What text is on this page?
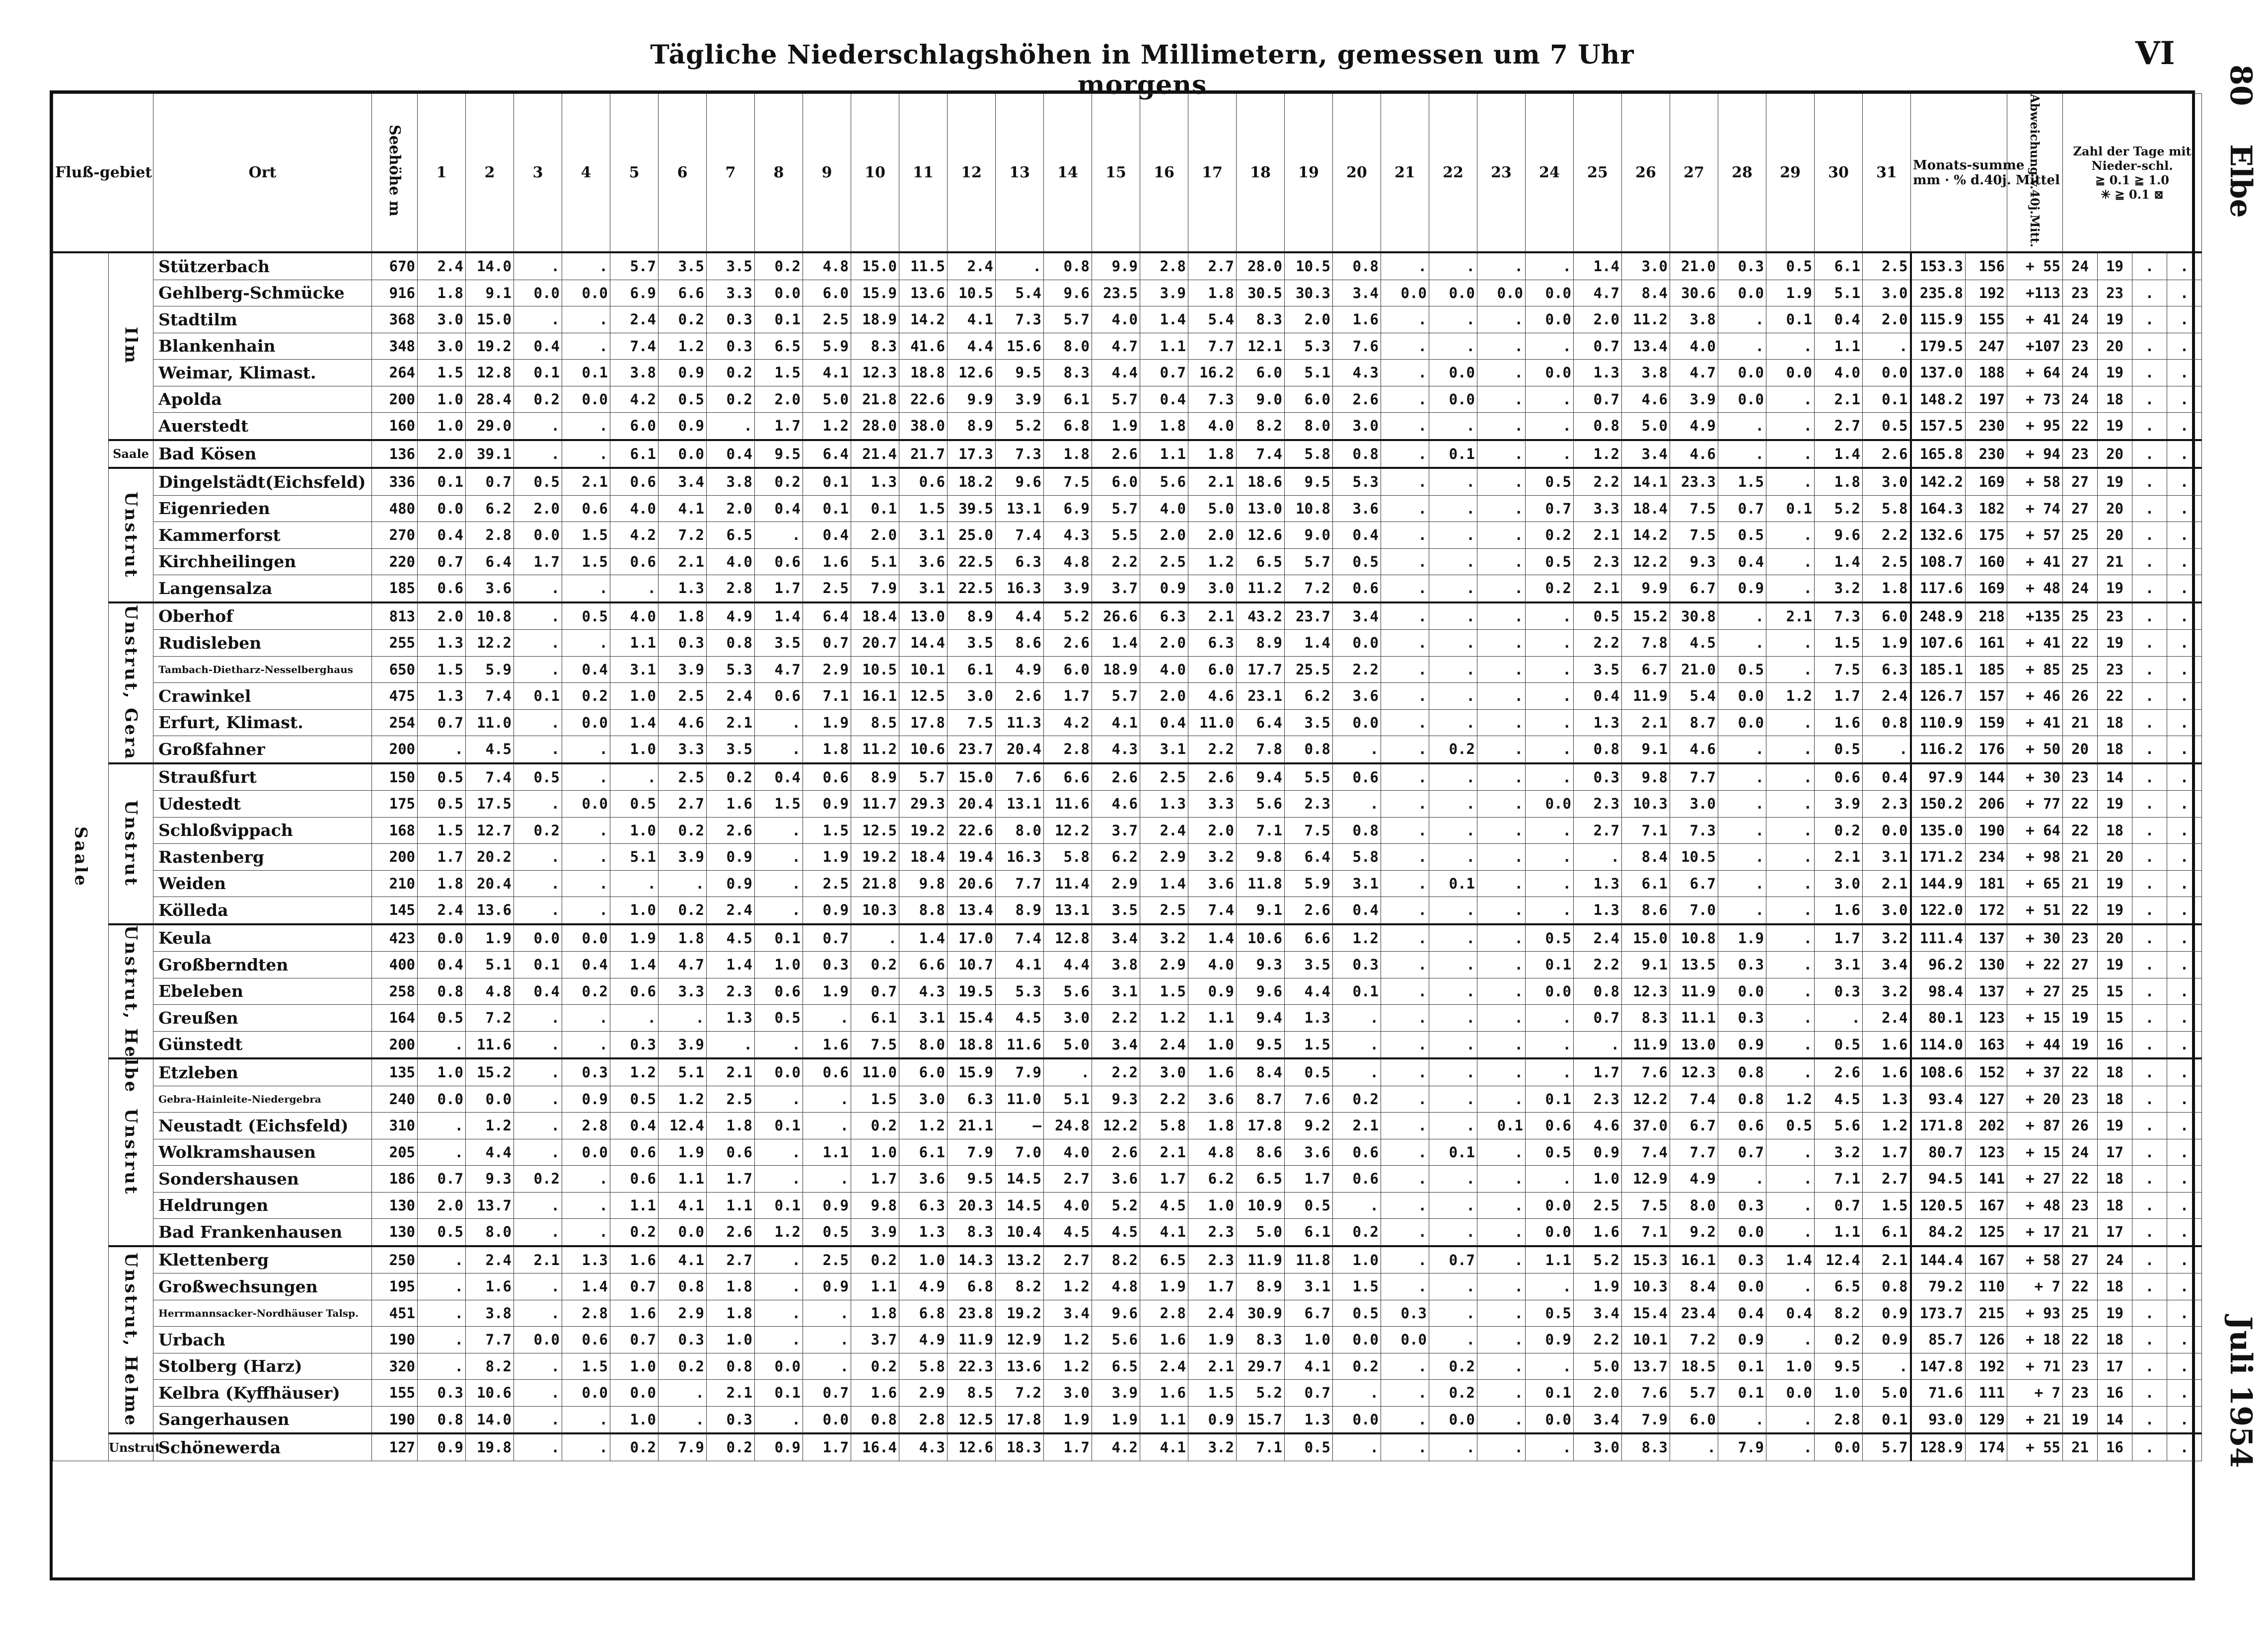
Tägliche Niederschlagshöhen in Millimetern, gemessen um 7 Uhr morgens
VI
80
Elbe
Juli 1954
Fluß-gebiet		Ort	Seehöhe m	1	2	3	4	5	6	7	8	9	10	11	12	13	14	15	16	17	18	19	20	21	22	23	24	25	26	27	28	29	30	31	Monats-summe
mm · % d.40j. Mittel		Abweichung v.40j.Mitt.	Zahl der Tage mit
Nieder-schl.
≧ 0.1 ≧ 1.0
✳ ≧ 0.1 ⊠			
Saale	Ilm	Stützerbach	670	2.4	14.0	.	.	5.7	3.5	3.5	0.2	4.8	15.0	11.5	2.4	.	0.8	9.9	2.8	2.7	28.0	10.5	0.8	.	.	.	.	1.4	3.0	21.0	0.3	0.5	6.1	2.5	153.3	156	+ 55	24	19	.	.
		Gehlberg-Schmücke	916	1.8	9.1	0.0	0.0	6.9	6.6	3.3	0.0	6.0	15.9	13.6	10.5	5.4	9.6	23.5	3.9	1.8	30.5	30.3	3.4	0.0	0.0	0.0	0.0	4.7	8.4	30.6	0.0	1.9	5.1	3.0	235.8	192	+113	23	23	.	.
		Stadtilm	368	3.0	15.0	.	.	2.4	0.2	0.3	0.1	2.5	18.9	14.2	4.1	7.3	5.7	4.0	1.4	5.4	8.3	2.0	1.6	.	.	.	0.0	2.0	11.2	3.8	.	0.1	0.4	2.0	115.9	155	+ 41	24	19	.	.
		Blankenhain	348	3.0	19.2	0.4	.	7.4	1.2	0.3	6.5	5.9	8.3	41.6	4.4	15.6	8.0	4.7	1.1	7.7	12.1	5.3	7.6	.	.	.	.	0.7	13.4	4.0	.	.	1.1	.	179.5	247	+107	23	20	.	.
		Weimar, Klimast.	264	1.5	12.8	0.1	0.1	3.8	0.9	0.2	1.5	4.1	12.3	18.8	12.6	9.5	8.3	4.4	0.7	16.2	6.0	5.1	4.3	.	0.0	.	0.0	1.3	3.8	4.7	0.0	0.0	4.0	0.0	137.0	188	+ 64	24	19	.	.
		Apolda	200	1.0	28.4	0.2	0.0	4.2	0.5	0.2	2.0	5.0	21.8	22.6	9.9	3.9	6.1	5.7	0.4	7.3	9.0	6.0	2.6	.	0.0	.	.	0.7	4.6	3.9	0.0	.	2.1	0.1	148.2	197	+ 73	24	18	.	.
		Auerstedt	160	1.0	29.0	.	.	6.0	0.9	.	1.7	1.2	28.0	38.0	8.9	5.2	6.8	1.9	1.8	4.0	8.2	8.0	3.0	.	.	.	.	0.8	5.0	4.9	.	.	2.7	0.5	157.5	230	+ 95	22	19	.	.
	Saale	Bad Kösen	136	2.0	39.1	.	.	6.1	0.0	0.4	9.5	6.4	21.4	21.7	17.3	7.3	1.8	2.6	1.1	1.8	7.4	5.8	0.8	.	0.1	.	.	1.2	3.4	4.6	.	.	1.4	2.6	165.8	230	+ 94	23	20	.	.
	Unstrut	Dingelstädt(Eichsfeld)	336	0.1	0.7	0.5	2.1	0.6	3.4	3.8	0.2	0.1	1.3	0.6	18.2	9.6	7.5	6.0	5.6	2.1	18.6	9.5	5.3	.	.	.	0.5	2.2	14.1	23.3	1.5	.	1.8	3.0	142.2	169	+ 58	27	19	.	.
		Eigenrieden	480	0.0	6.2	2.0	0.6	4.0	4.1	2.0	0.4	0.1	0.1	1.5	39.5	13.1	6.9	5.7	4.0	5.0	13.0	10.8	3.6	.	.	.	0.7	3.3	18.4	7.5	0.7	0.1	5.2	5.8	164.3	182	+ 74	27	20	.	.
		Kammerforst	270	0.4	2.8	0.0	1.5	4.2	7.2	6.5	.	0.4	2.0	3.1	25.0	7.4	4.3	5.5	2.0	2.0	12.6	9.0	0.4	.	.	.	0.2	2.1	14.2	7.5	0.5	.	9.6	2.2	132.6	175	+ 57	25	20	.	.
		Kirchheilingen	220	0.7	6.4	1.7	1.5	0.6	2.1	4.0	0.6	1.6	5.1	3.6	22.5	6.3	4.8	2.2	2.5	1.2	6.5	5.7	0.5	.	.	.	0.5	2.3	12.2	9.3	0.4	.	1.4	2.5	108.7	160	+ 41	27	21	.	.
		Langensalza	185	0.6	3.6	.	.	.	1.3	2.8	1.7	2.5	7.9	3.1	22.5	16.3	3.9	3.7	0.9	3.0	11.2	7.2	0.6	.	.	.	0.2	2.1	9.9	6.7	0.9	.	3.2	1.8	117.6	169	+ 48	24	19	.	.
	Unstrut, Gera	Oberhof	813	2.0	10.8	.	0.5	4.0	1.8	4.9	1.4	6.4	18.4	13.0	8.9	4.4	5.2	26.6	6.3	2.1	43.2	23.7	3.4	.	.	.	.	0.5	15.2	30.8	.	2.1	7.3	6.0	248.9	218	+135	25	23	.	.
		Rudisleben	255	1.3	12.2	.	.	1.1	0.3	0.8	3.5	0.7	20.7	14.4	3.5	8.6	2.6	1.4	2.0	6.3	8.9	1.4	0.0	.	.	.	.	2.2	7.8	4.5	.	.	1.5	1.9	107.6	161	+ 41	22	19	.	.
		Tambach-Dietharz-Nesselberghaus	650	1.5	5.9	.	0.4	3.1	3.9	5.3	4.7	2.9	10.5	10.1	6.1	4.9	6.0	18.9	4.0	6.0	17.7	25.5	2.2	.	.	.	.	3.5	6.7	21.0	0.5	.	7.5	6.3	185.1	185	+ 85	25	23	.	.
		Crawinkel	475	1.3	7.4	0.1	0.2	1.0	2.5	2.4	0.6	7.1	16.1	12.5	3.0	2.6	1.7	5.7	2.0	4.6	23.1	6.2	3.6	.	.	.	.	0.4	11.9	5.4	0.0	1.2	1.7	2.4	126.7	157	+ 46	26	22	.	.
		Erfurt, Klimast.	254	0.7	11.0	.	0.0	1.4	4.6	2.1	.	1.9	8.5	17.8	7.5	11.3	4.2	4.1	0.4	11.0	6.4	3.5	0.0	.	.	.	.	1.3	2.1	8.7	0.0	.	1.6	0.8	110.9	159	+ 41	21	18	.	.
		Großfahner	200	.	4.5	.	.	1.0	3.3	3.5	.	1.8	11.2	10.6	23.7	20.4	2.8	4.3	3.1	2.2	7.8	0.8	.	.	0.2	.	.	0.8	9.1	4.6	.	.	0.5	.	116.2	176	+ 50	20	18	.	.
	Unstrut	Straußfurt	150	0.5	7.4	0.5	.	.	2.5	0.2	0.4	0.6	8.9	5.7	15.0	7.6	6.6	2.6	2.5	2.6	9.4	5.5	0.6	.	.	.	.	0.3	9.8	7.7	.	.	0.6	0.4	97.9	144	+ 30	23	14	.	.
		Udestedt	175	0.5	17.5	.	0.0	0.5	2.7	1.6	1.5	0.9	11.7	29.3	20.4	13.1	11.6	4.6	1.3	3.3	5.6	2.3	.	.	.	.	0.0	2.3	10.3	3.0	.	.	3.9	2.3	150.2	206	+ 77	22	19	.	.
		Schloßvippach	168	1.5	12.7	0.2	.	1.0	0.2	2.6	.	1.5	12.5	19.2	22.6	8.0	12.2	3.7	2.4	2.0	7.1	7.5	0.8	.	.	.	.	2.7	7.1	7.3	.	.	0.2	0.0	135.0	190	+ 64	22	18	.	.
		Rastenberg	200	1.7	20.2	.	.	5.1	3.9	0.9	.	1.9	19.2	18.4	19.4	16.3	5.8	6.2	2.9	3.2	9.8	6.4	5.8	.	.	.	.	.	8.4	10.5	.	.	2.1	3.1	171.2	234	+ 98	21	20	.	.
		Weiden	210	1.8	20.4	.	.	.	.	0.9	.	2.5	21.8	9.8	20.6	7.7	11.4	2.9	1.4	3.6	11.8	5.9	3.1	.	0.1	.	.	1.3	6.1	6.7	.	.	3.0	2.1	144.9	181	+ 65	21	19	.	.
		Kölleda	145	2.4	13.6	.	.	1.0	0.2	2.4	.	0.9	10.3	8.8	13.4	8.9	13.1	3.5	2.5	7.4	9.1	2.6	0.4	.	.	.	.	1.3	8.6	7.0	.	.	1.6	3.0	122.0	172	+ 51	22	19	.	.
	Unstrut, Helbe	Keula	423	0.0	1.9	0.0	0.0	1.9	1.8	4.5	0.1	0.7	.	1.4	17.0	7.4	12.8	3.4	3.2	1.4	10.6	6.6	1.2	.	.	.	0.5	2.4	15.0	10.8	1.9	.	1.7	3.2	111.4	137	+ 30	23	20	.	.
		Großberndten	400	0.4	5.1	0.1	0.4	1.4	4.7	1.4	1.0	0.3	0.2	6.6	10.7	4.1	4.4	3.8	2.9	4.0	9.3	3.5	0.3	.	.	.	0.1	2.2	9.1	13.5	0.3	.	3.1	3.4	96.2	130	+ 22	27	19	.	.
		Ebeleben	258	0.8	4.8	0.4	0.2	0.6	3.3	2.3	0.6	1.9	0.7	4.3	19.5	5.3	5.6	3.1	1.5	0.9	9.6	4.4	0.1	.	.	.	0.0	0.8	12.3	11.9	0.0	.	0.3	3.2	98.4	137	+ 27	25	15	.	.
		Greußen	164	0.5	7.2	.	.	.	.	1.3	0.5	.	6.1	3.1	15.4	4.5	3.0	2.2	1.2	1.1	9.4	1.3	.	.	.	.	.	0.7	8.3	11.1	0.3	.	.	2.4	80.1	123	+ 15	19	15	.	.
		Günstedt	200	.	11.6	.	.	0.3	3.9	.	.	1.6	7.5	8.0	18.8	11.6	5.0	3.4	2.4	1.0	9.5	1.5	.	.	.	.	.	.	11.9	13.0	0.9	.	0.5	1.6	114.0	163	+ 44	19	16	.	.
	Unstrut	Etzleben	135	1.0	15.2	.	0.3	1.2	5.1	2.1	0.0	0.6	11.0	6.0	15.9	7.9	.	2.2	3.0	1.6	8.4	0.5	.	.	.	.	.	1.7	7.6	12.3	0.8	.	2.6	1.6	108.6	152	+ 37	22	18	.	.
		Gebra-Hainleite-Niedergebra	240	0.0	0.0	.	0.9	0.5	1.2	2.5	.	.	1.5	3.0	6.3	11.0	5.1	9.3	2.2	3.6	8.7	7.6	0.2	.	.	.	0.1	2.3	12.2	7.4	0.8	1.2	4.5	1.3	93.4	127	+ 20	23	18	.	.
		Neustadt (Eichsfeld)	310	.	1.2	.	2.8	0.4	12.4	1.8	0.1	.	0.2	1.2	21.1	—	24.8	12.2	5.8	1.8	17.8	9.2	2.1	.	.	0.1	0.6	4.6	37.0	6.7	0.6	0.5	5.6	1.2	171.8	202	+ 87	26	19	.	.
		Wolkramshausen	205	.	4.4	.	0.0	0.6	1.9	0.6	.	1.1	1.0	6.1	7.9	7.0	4.0	2.6	2.1	4.8	8.6	3.6	0.6	.	0.1	.	0.5	0.9	7.4	7.7	0.7	.	3.2	1.7	80.7	123	+ 15	24	17	.	.
		Sondershausen	186	0.7	9.3	0.2	.	0.6	1.1	1.7	.	.	1.7	3.6	9.5	14.5	2.7	3.6	1.7	6.2	6.5	1.7	0.6	.	.	.	.	1.0	12.9	4.9	.	.	7.1	2.7	94.5	141	+ 27	22	18	.	.
		Heldrungen	130	2.0	13.7	.	.	1.1	4.1	1.1	0.1	0.9	9.8	6.3	20.3	14.5	4.0	5.2	4.5	1.0	10.9	0.5	.	.	.	.	0.0	2.5	7.5	8.0	0.3	.	0.7	1.5	120.5	167	+ 48	23	18	.	.
		Bad Frankenhausen	130	0.5	8.0	.	.	0.2	0.0	2.6	1.2	0.5	3.9	1.3	8.3	10.4	4.5	4.5	4.1	2.3	5.0	6.1	0.2	.	.	.	0.0	1.6	7.1	9.2	0.0	.	1.1	6.1	84.2	125	+ 17	21	17	.	.
	Unstrut, Helme	Klettenberg	250	.	2.4	2.1	1.3	1.6	4.1	2.7	.	2.5	0.2	1.0	14.3	13.2	2.7	8.2	6.5	2.3	11.9	11.8	1.0	.	0.7	.	1.1	5.2	15.3	16.1	0.3	1.4	12.4	2.1	144.4	167	+ 58	27	24	.	.
		Großwechsungen	195	.	1.6	.	1.4	0.7	0.8	1.8	.	0.9	1.1	4.9	6.8	8.2	1.2	4.8	1.9	1.7	8.9	3.1	1.5	.	.	.	.	1.9	10.3	8.4	0.0	.	6.5	0.8	79.2	110	+ 7	22	18	.	.
		Herrmannsacker-Nordhäuser Talsp.	451	.	3.8	.	2.8	1.6	2.9	1.8	.	.	1.8	6.8	23.8	19.2	3.4	9.6	2.8	2.4	30.9	6.7	0.5	0.3	.	.	0.5	3.4	15.4	23.4	0.4	0.4	8.2	0.9	173.7	215	+ 93	25	19	.	.
		Urbach	190	.	7.7	0.0	0.6	0.7	0.3	1.0	.	.	3.7	4.9	11.9	12.9	1.2	5.6	1.6	1.9	8.3	1.0	0.0	0.0	.	.	0.9	2.2	10.1	7.2	0.9	.	0.2	0.9	85.7	126	+ 18	22	18	.	.
		Stolberg (Harz)	320	.	8.2	.	1.5	1.0	0.2	0.8	0.0	.	0.2	5.8	22.3	13.6	1.2	6.5	2.4	2.1	29.7	4.1	0.2	.	0.2	.	.	5.0	13.7	18.5	0.1	1.0	9.5	.	147.8	192	+ 71	23	17	.	.
		Kelbra (Kyffhäuser)	155	0.3	10.6	.	0.0	0.0	.	2.1	0.1	0.7	1.6	2.9	8.5	7.2	3.0	3.9	1.6	1.5	5.2	0.7	.	.	0.2	.	0.1	2.0	7.6	5.7	0.1	0.0	1.0	5.0	71.6	111	+ 7	23	16	.	.
		Sangerhausen	190	0.8	14.0	.	.	1.0	.	0.3	.	0.0	0.8	2.8	12.5	17.8	1.9	1.9	1.1	0.9	15.7	1.3	0.0	.	0.0	.	0.0	3.4	7.9	6.0	.	.	2.8	0.1	93.0	129	+ 21	19	14	.	.
	Unstrut	Schönewerda	127	0.9	19.8	.	.	0.2	7.9	0.2	0.9	1.7	16.4	4.3	12.6	18.3	1.7	4.2	4.1	3.2	7.1	0.5	.	.	.	.	.	3.0	8.3	.	7.9	.	0.0	5.7	128.9	174	+ 55	21	16	.	.
